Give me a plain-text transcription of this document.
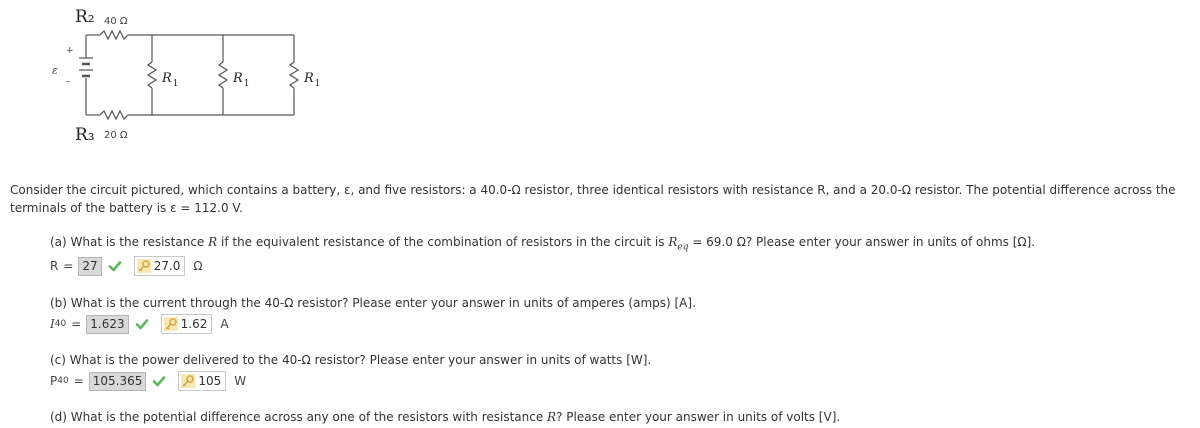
+
ε
–
40 Ω
20 Ω
R₂
R₃
$R_1$	$R_1$	$R_1$
Consider the circuit pictured, which contains a battery, ε, and five resistors: a 40.0-Ω resistor, three identical resistors with resistance R, and a 20.0-Ω resistor. The potential difference across the terminals of the battery is ε = 112.0 V.
(a) What is the resistance R if the equivalent resistance of the combination of resistors in the circuit is $R_{eq} = 69.0$ Ω? Please enter your answer in units of ohms [Ω].
R = 27	27.0 Ω
(b) What is the current through the 40-Ω resistor? Please enter your answer in units of amperes (amps) [A].
I 40 = 1.623	1.62 A
(c) What is the power delivered to the 40-Ω resistor? Please enter your answer in units of watts [W].
P 40 = 105.365	105 W
(d) What is the potential difference across any one of the resistors with resistance R? Please enter your answer in units of volts [V].
